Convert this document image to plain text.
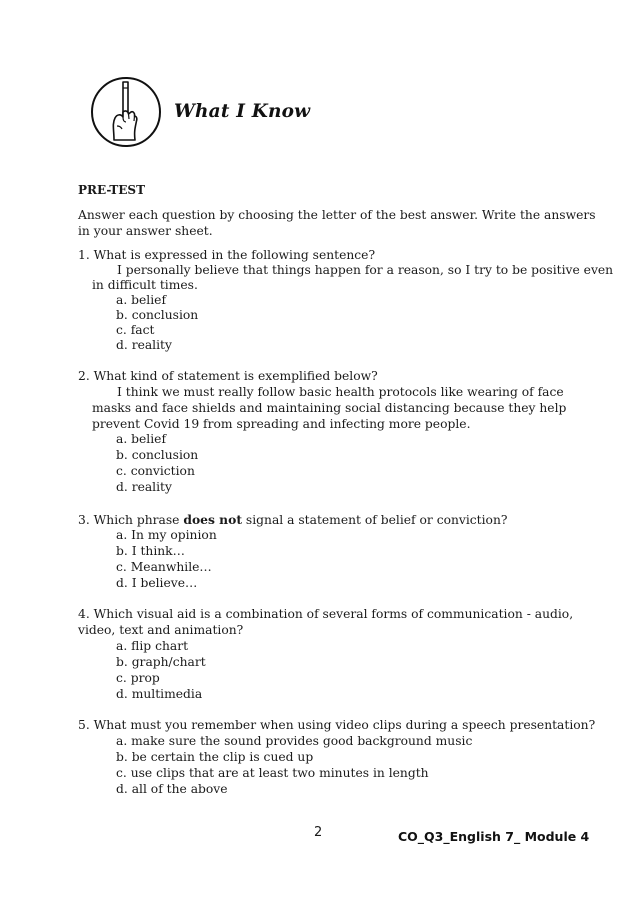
What I Know
PRE-TEST
Answer each question by choosing the letter of the best answer. Write the answers
in your answer sheet.
1. What is expressed in the following sentence?
I personally believe that things happen for a reason, so I try to be positive even
in difficult times.
a. belief
b. conclusion
c. fact
d. reality
2. What kind of statement is exemplified below?
I think we must really follow basic health protocols like wearing of face
masks and face shields and maintaining social distancing because they help
prevent Covid 19 from spreading and infecting more people.
a. belief
b. conclusion
c. conviction
d. reality
3. Which phrase does not signal a statement of belief or conviction?
a. In my opinion
b. I think…
c. Meanwhile…
d. I believe…
4. Which visual aid is a combination of several forms of communication - audio,
video, text and animation?
a. flip chart
b. graph/chart
c. prop
d. multimedia
5. What must you remember when using video clips during a speech presentation?
a. make sure the sound provides good background music
b. be certain the clip is cued up
c. use clips that are at least two minutes in length
d. all of the above
2	CO_Q3_English 7_ Module 4
